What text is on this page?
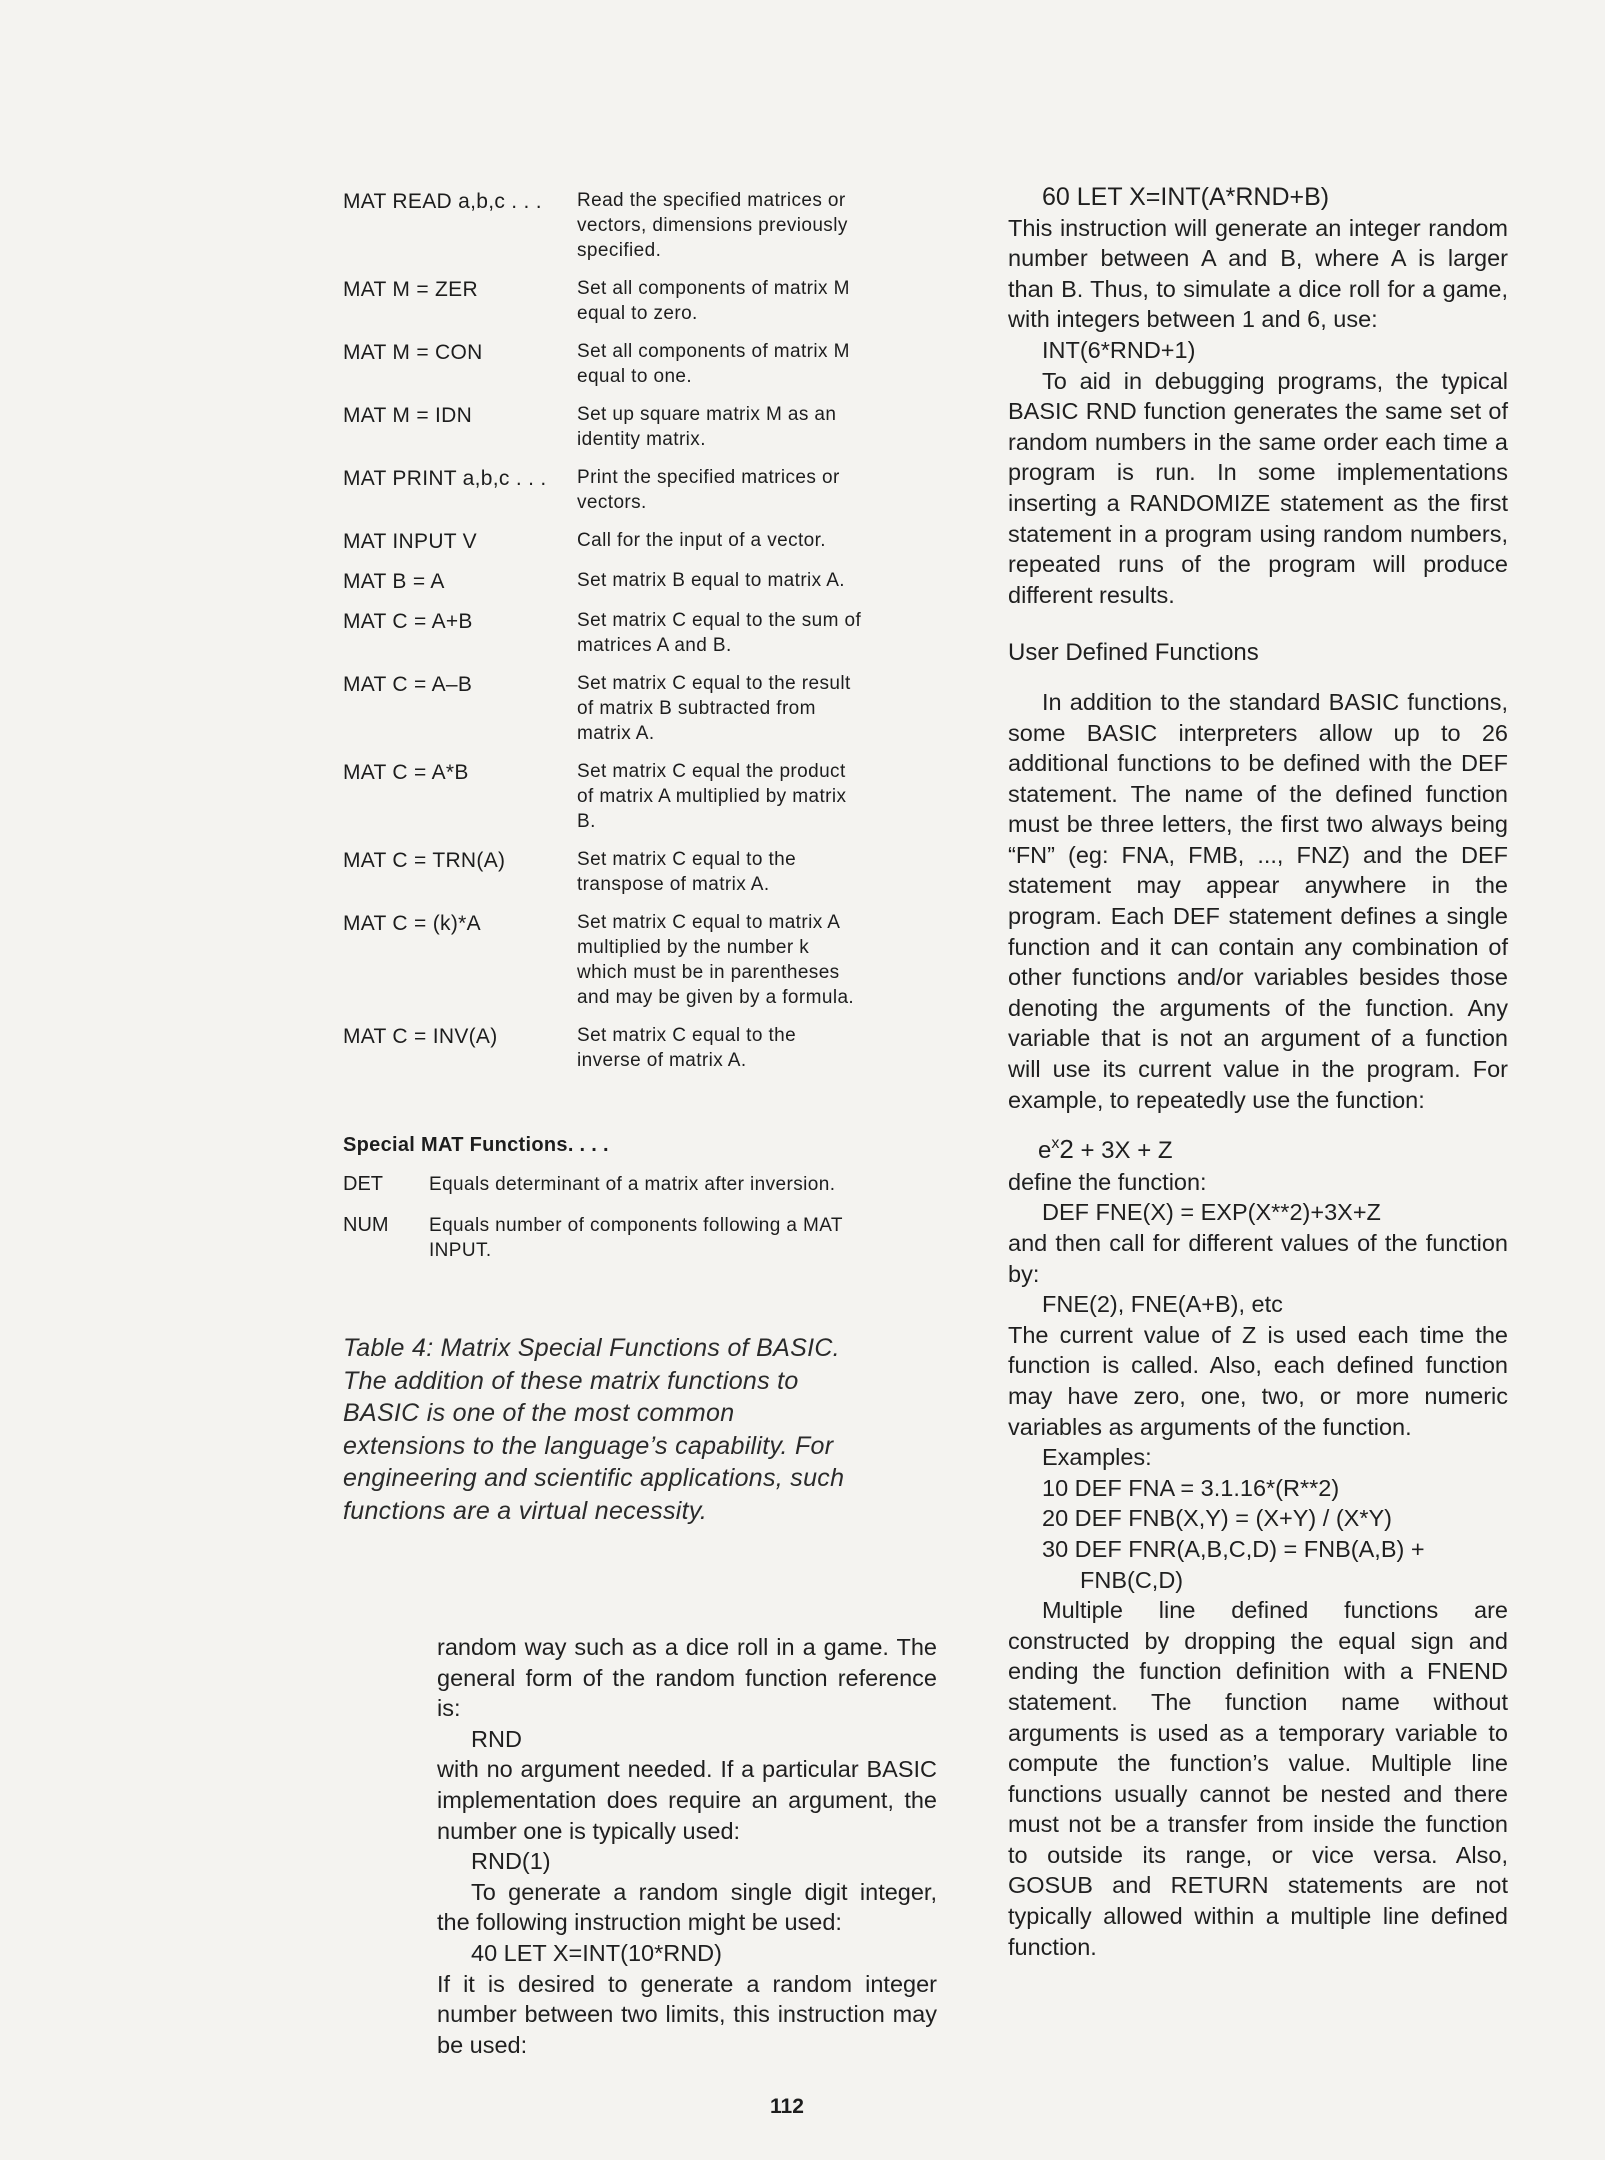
MAT READ a,b,c . . .	Read the specified matrices or vectors, dimensions previously specified.
MAT M = ZER	Set all components of matrix M equal to zero.
MAT M = CON	Set all components of matrix M equal to one.
MAT M = IDN	Set up square matrix M as an identity matrix.
MAT PRINT a,b,c . . .	Print the specified matrices or vectors.
MAT INPUT V	Call for the input of a vector.
MAT B = A	Set matrix B equal to matrix A.
MAT C = A+B	Set matrix C equal to the sum of matrices A and B.
MAT C = A–B	Set matrix C equal to the result of matrix B subtracted from matrix A.
MAT C = A*B	Set matrix C equal the product of matrix A multiplied by matrix B.
MAT C = TRN(A)	Set matrix C equal to the transpose of matrix A.
MAT C = (k)*A	Set matrix C equal to matrix A multiplied by the number k which must be in parentheses and may be given by a formula.
MAT C = INV(A)	Set matrix C equal to the inverse of matrix A.
Special MAT Functions. . . .
DET	Equals determinant of a matrix after inversion.
NUM	Equals number of components following a MAT INPUT.
Table 4: Matrix Special Functions of BASIC. The addition of these matrix functions to BASIC is one of the most common extensions to the language’s capability. For engineering and scientific applications, such functions are a virtual necessity.

random way such as a dice roll in a game. The general form of the random function reference is:

RND

with no argument needed. If a particular BASIC implementation does require an argument, the number one is typically used:

RND(1)

To generate a random single digit integer, the following instruction might be used:

40 LET X=INT(10*RND)

If it is desired to generate a random integer number between two limits, this instruction may be used:

60 LET X=INT(A*RND+B)

This instruction will generate an integer random number between A and B, where A is larger than B. Thus, to simulate a dice roll for a game, with integers between 1 and 6, use:

INT(6*RND+1)

To aid in debugging programs, the typical BASIC RND function generates the same set of random numbers in the same order each time a program is run. In some implementations inserting a RANDOMIZE statement as the first statement in a program using random numbers, repeated runs of the program will produce different results.

User Defined Functions

In addition to the standard BASIC functions, some BASIC interpreters allow up to 26 additional functions to be defined with the DEF statement. The name of the defined function must be three letters, the first two always being “FN” (eg: FNA, FMB, ..., FNZ) and the DEF statement may appear anywhere in the program. Each DEF statement defines a single function and it can contain any combination of other functions and/or variables besides those denoting the arguments of the function. Any variable that is not an argument of a function will use its current value in the program. For example, to repeatedly use the function:

$e^x2 + 3X + Z$

define the function:

DEF FNE(X) = EXP(X**2)+3X+Z

and then call for different values of the function by:

FNE(2), FNE(A+B), etc

The current value of Z is used each time the function is called. Also, each defined function may have zero, one, two, or more numeric variables as arguments of the function.

Examples:

10 DEF FNA = 3.1.16*(R**2)

20 DEF FNB(X,Y) = (X+Y) / (X*Y)

30 DEF FNR(A,B,C,D) = FNB(A,B) +

FNB(C,D)

Multiple line defined functions are constructed by dropping the equal sign and ending the function definition with a FNEND statement. The function name without arguments is used as a temporary variable to compute the function’s value. Multiple line functions usually cannot be nested and there must not be a transfer from inside the function to outside its range, or vice versa. Also, GOSUB and RETURN statements are not typically allowed within a multiple line defined function.

112
